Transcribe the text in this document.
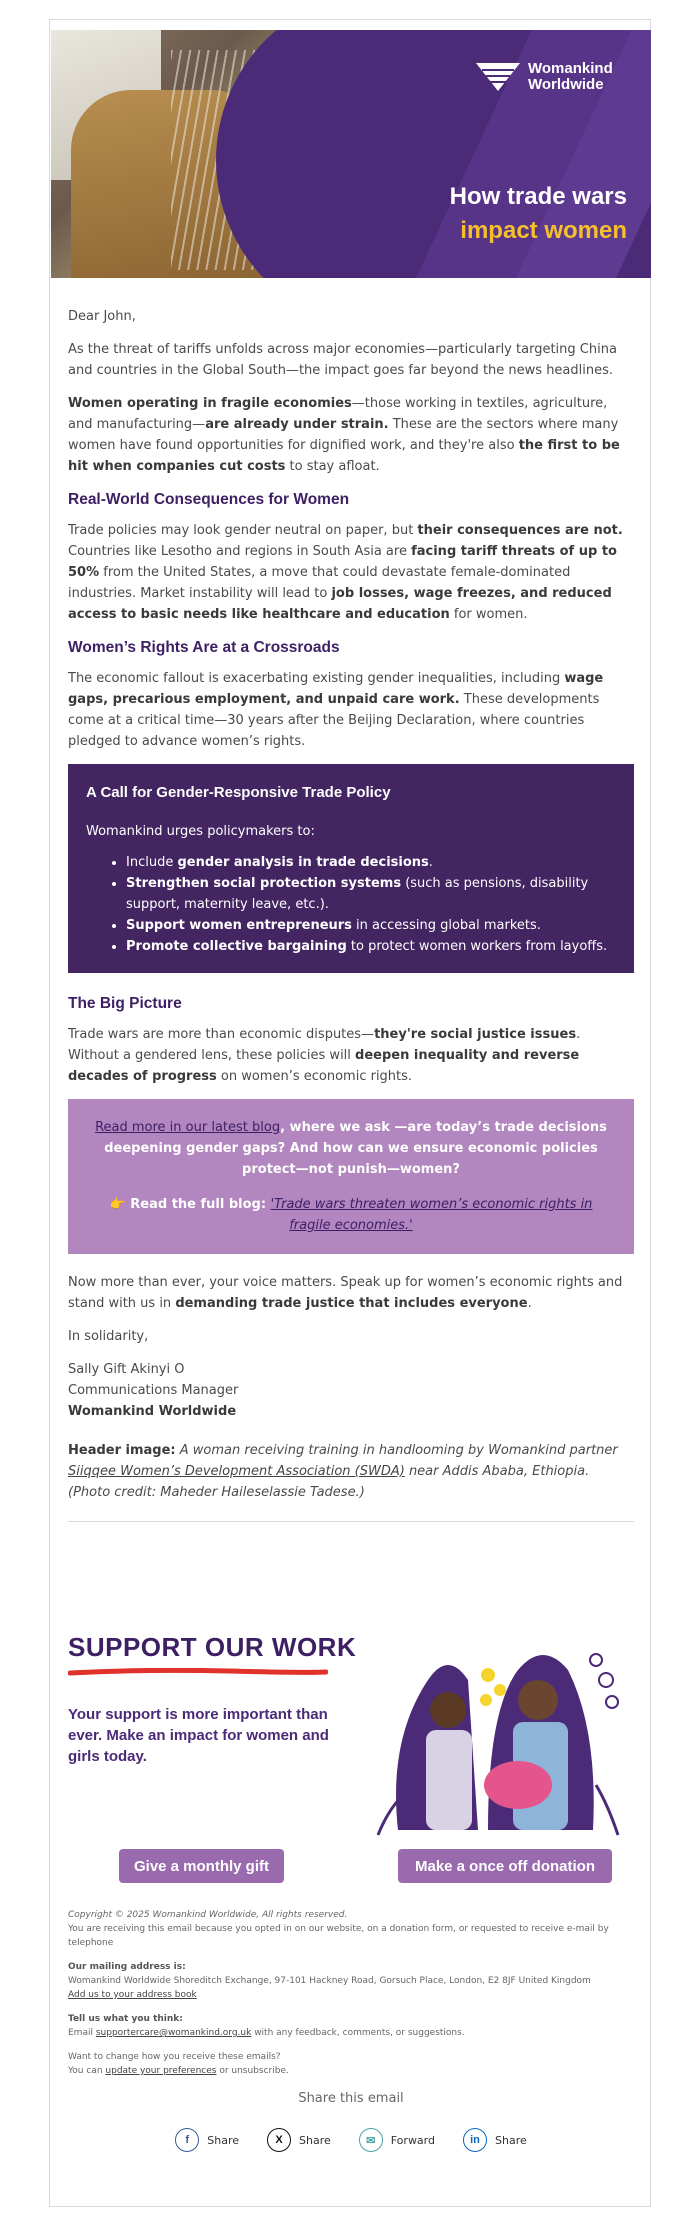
Womankind
Worldwide
How trade wars
impact women

Dear John,

As the threat of tariffs unfolds across major economies—particularly targeting China and countries in the Global South—the impact goes far beyond the news headlines.

Women operating in fragile economies—those working in textiles, agriculture, and manufacturing—are already under strain. These are the sectors where many women have found opportunities for dignified work, and they're also the first to be hit when companies cut costs to stay afloat.

Real-World Consequences for Women

Trade policies may look gender neutral on paper, but their consequences are not. Countries like Lesotho and regions in South Asia are facing tariff threats of up to 50% from the United States, a move that could devastate female-dominated industries. Market instability will lead to job losses, wage freezes, and reduced access to basic needs like healthcare and education for women.

Women’s Rights Are at a Crossroads

The economic fallout is exacerbating existing gender inequalities, including wage gaps, precarious employment, and unpaid care work. These developments come at a critical time—30 years after the Beijing Declaration, where countries pledged to advance women’s rights.

A Call for Gender-Responsive Trade Policy

Womankind urges policymakers to:

• Include gender analysis in trade decisions.
• Strengthen social protection systems (such as pensions, disability support, maternity leave, etc.).
• Support women entrepreneurs in accessing global markets.
• Promote collective bargaining to protect women workers from layoffs.
The Big Picture

Trade wars are more than economic disputes—they're social justice issues. Without a gendered lens, these policies will deepen inequality and reverse decades of progress on women’s economic rights.

Read more in our latest blog, where we ask —are today’s trade decisions deepening gender gaps? And how can we ensure economic policies protect—not punish—women?
👉 Read the full blog: 'Trade wars threaten women’s economic rights in fragile economies.'

Now more than ever, your voice matters. Speak up for women’s economic rights and stand with us in demanding trade justice that includes everyone.

In solidarity,

Sally Gift Akinyi O
Communications Manager
Womankind Worldwide

Header image: A woman receiving training in handlooming by Womankind partner Siiqqee Women’s Development Association (SWDA) near Addis Ababa, Ethiopia. (Photo credit: Maheder Haileselassie Tadese.)

SUPPORT OUR WORK
Your support is more important than ever. Make an impact for women and girls today.
Give a monthly gift	Make a once off donation
Copyright © 2025 Womankind Worldwide, All rights reserved.
You are receiving this email because you opted in on our website, on a donation form, or requested to receive e-mail by telephone
Our mailing address is:
Womankind Worldwide Shoreditch Exchange, 97-101 Hackney Road, Gorsuch Place, London, E2 8JF United Kingdom
Add us to your address book
Tell us what you think:
Email supportercare@womankind.org.uk with any feedback, comments, or suggestions.
Want to change how you receive these emails?
You can update your preferences or unsubscribe.
Share this email
f	Share	X	Share	✉	Forward	in	Share
